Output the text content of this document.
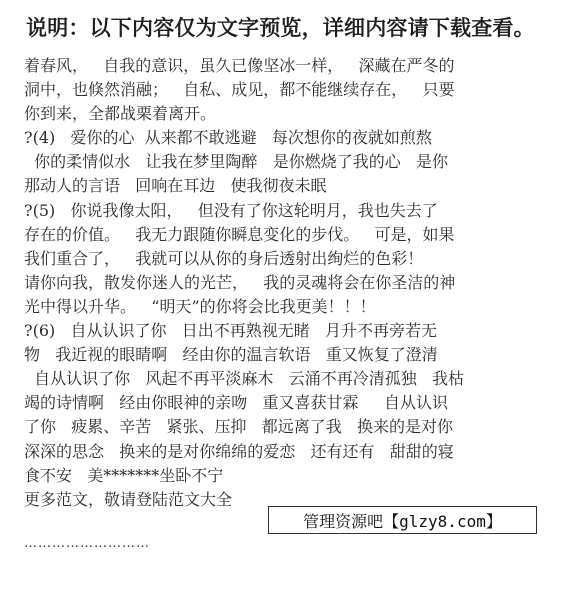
说明：以下内容仅为文字预览，详细内容请下载查看。
着春风，   自我的意识，虽久已像坚冰一样，   深藏在严冬的
洞中，也倏然消融；   自私、成见，都不能继续存在，   只要
你到来，全都战栗着离开。
?(4)   爱你的心  从来都不敢逃避   每次想你的夜就如煎熬
你的柔情似水   让我在梦里陶醉   是你燃烧了我的心   是你
那动人的言语   回响在耳边   使我彻夜未眠
?(5)   你说我像太阳，   但没有了你这轮明月，我也失去了
存在的价值。   我无力跟随你瞬息变化的步伐。   可是，如果
我们重合了，   我就可以从你的身后透射出绚烂的色彩！
请你向我，散发你迷人的光芒，   我的灵魂将会在你圣洁的神
光中得以升华。   “明天”的你将会比我更美！！！
?(6)   自从认识了你   日出不再熟视无睹   月升不再旁若无
物   我近视的眼睛啊   经由你的温言软语   重又恢复了澄清
自从认识了你   风起不再平淡麻木   云涌不再冷清孤独   我枯
竭的诗情啊   经由你眼神的亲吻   重又喜获甘霖     自从认识
了你   疲累、辛苦   紧张、压抑   都远离了我   换来的是对你
深深的思念   换来的是对你绵绵的爱恋   还有还有   甜甜的寝
食不安   美*******坐卧不宁
更多范文，敬请登陆范文大全
………………………
管理资源吧【glzy8.com】
